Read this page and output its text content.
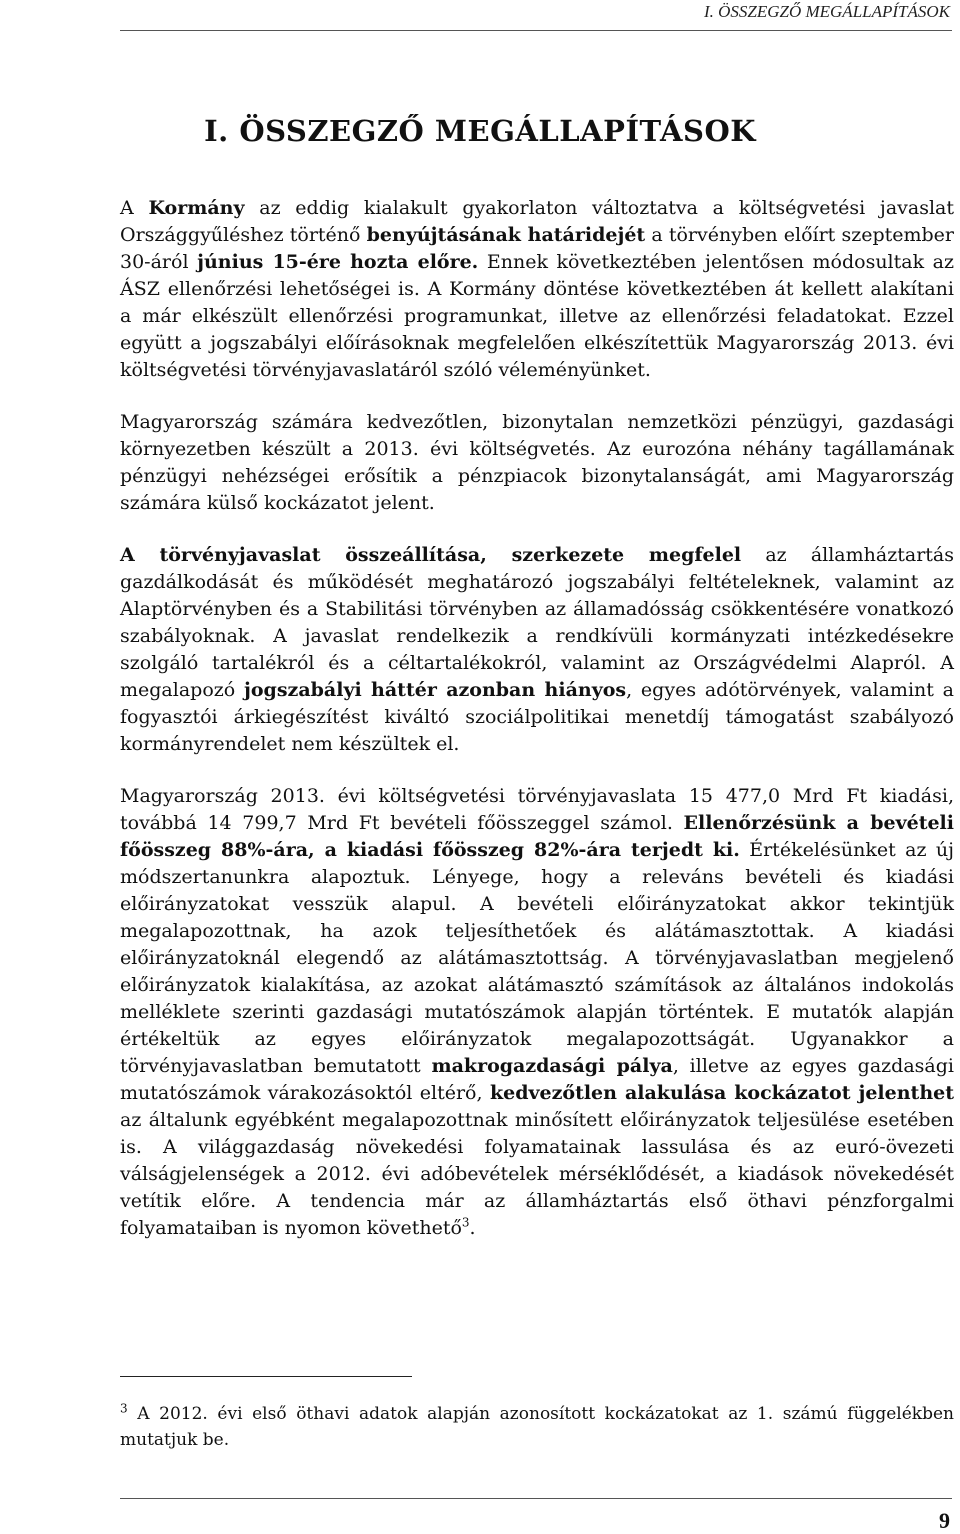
I. ÖSSZEGZŐ MEGÁLLAPÍTÁSOK
I. ÖSSZEGZŐ MEGÁLLAPÍTÁSOK

A Kormány az eddig kialakult gyakorlaton változtatva a költségvetési javaslat Országgyűléshez történő benyújtásának határidejét a törvényben előírt szeptember 30-áról június 15-ére hozta előre. Ennek következtében jelentősen módosultak az ÁSZ ellenőrzési lehetőségei is. A Kormány döntése következtében át kellett alakítani a már elkészült ellenőrzési programunkat, illetve az ellenőrzési feladatokat. Ezzel együtt a jogszabályi előírásoknak megfelelően elkészítettük Magyarország 2013. évi költségvetési törvényjavaslatáról szóló véleményünket.

Magyarország számára kedvezőtlen, bizonytalan nemzetközi pénzügyi, gazdasági környezetben készült a 2013. évi költségvetés. Az eurozóna néhány tagállamának pénzügyi nehézségei erősítik a pénzpiacok bizonytalanságát, ami Magyarország számára külső kockázatot jelent.

A törvényjavaslat összeállítása, szerkezete megfelel az államháztartás gazdálkodását és működését meghatározó jogszabályi feltételeknek, valamint az Alaptörvényben és a Stabilitási törvényben az államadósság csökkentésére vonatkozó szabályoknak. A javaslat rendelkezik a rendkívüli kormányzati intézkedésekre szolgáló tartalékról és a céltartalékokról, valamint az Országvédelmi Alapról. A megalapozó jogszabályi háttér azonban hiányos, egyes adótörvények, valamint a fogyasztói árkiegészítést kiváltó szociálpolitikai menetdíj támogatást szabályozó kormányrendelet nem készültek el.

Magyarország 2013. évi költségvetési törvényjavaslata 15 477,0 Mrd Ft kiadási, továbbá 14 799,7 Mrd Ft bevételi főösszeggel számol. Ellenőrzésünk a bevételi főösszeg 88%-ára, a kiadási főösszeg 82%-ára terjedt ki. Értékelésünket az új módszertanunkra alapoztuk. Lényege, hogy a releváns bevételi és kiadási előirányzatokat vesszük alapul. A bevételi előirányzatokat akkor tekintjük megalapozottnak, ha azok teljesíthetőek és alátámasztottak. A kiadási előirányzatoknál elegendő az alátámasztottság. A törvényjavaslatban megjelenő előirányzatok kialakítása, az azokat alátámasztó számítások az általános indokolás melléklete szerinti gazdasági mutatószámok alapján történtek. E mutatók alapján értékeltük az egyes előirányzatok megalapozottságát. Ugyanakkor a törvényjavaslatban bemutatott makrogazdasági pálya, illetve az egyes gazdasági mutatószámok várakozásoktól eltérő, kedvezőtlen alakulása kockázatot jelenthet az általunk egyébként megalapozottnak minősített előirányzatok teljesülése esetében is. A világgazdaság növekedési folyamatainak lassulása és az euró-övezeti válságjelenségek a 2012. évi adóbevételek mérséklődését, a kiadások növekedését vetítik előre. A tendencia már az államháztartás első öthavi pénzforgalmi folyamataiban is nyomon követhető$^3$.

$^3$ A 2012. évi első öthavi adatok alapján azonosított kockázatokat az 1. számú függelékben mutatjuk be.

9
